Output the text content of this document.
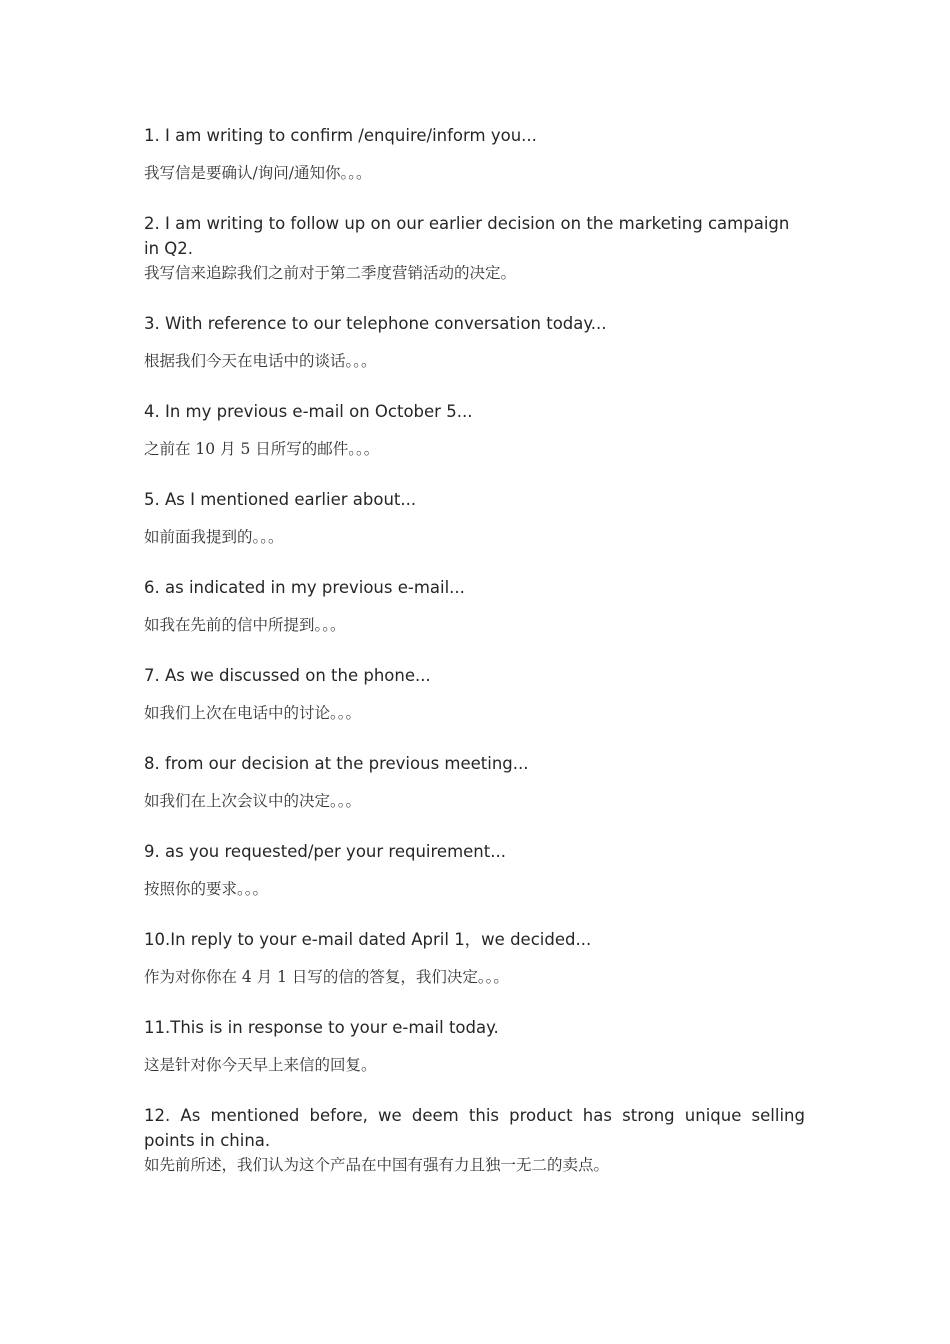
1. I am writing to confirm /enquire/inform you...

我写信是要确认/询问/通知你。。。

2. I am writing to follow up on our earlier decision on the marketing campaign in Q2.

我写信来追踪我们之前对于第二季度营销活动的决定。

3. With reference to our telephone conversation today...

根据我们今天在电话中的谈话。。。

4. In my previous e-mail on October 5...

之前在 10 月 5 日所写的邮件。。。

5. As I mentioned earlier about...

如前面我提到的。。。

6. as indicated in my previous e-mail...

如我在先前的信中所提到。。。

7. As we discussed on the phone...

如我们上次在电话中的讨论。。。

8. from our decision at the previous meeting...

如我们在上次会议中的决定。。。

9. as you requested/per your requirement...

按照你的要求。。。

10.In reply to your e-mail dated April 1，we decided...

作为对你你在 4 月 1 日写的信的答复，我们决定。。。

11.This is in response to your e-mail today.

这是针对你今天早上来信的回复。

12. As mentioned before, we deem this product has strong unique selling points in china.

如先前所述，我们认为这个产品在中国有强有力且独一无二的卖点。
